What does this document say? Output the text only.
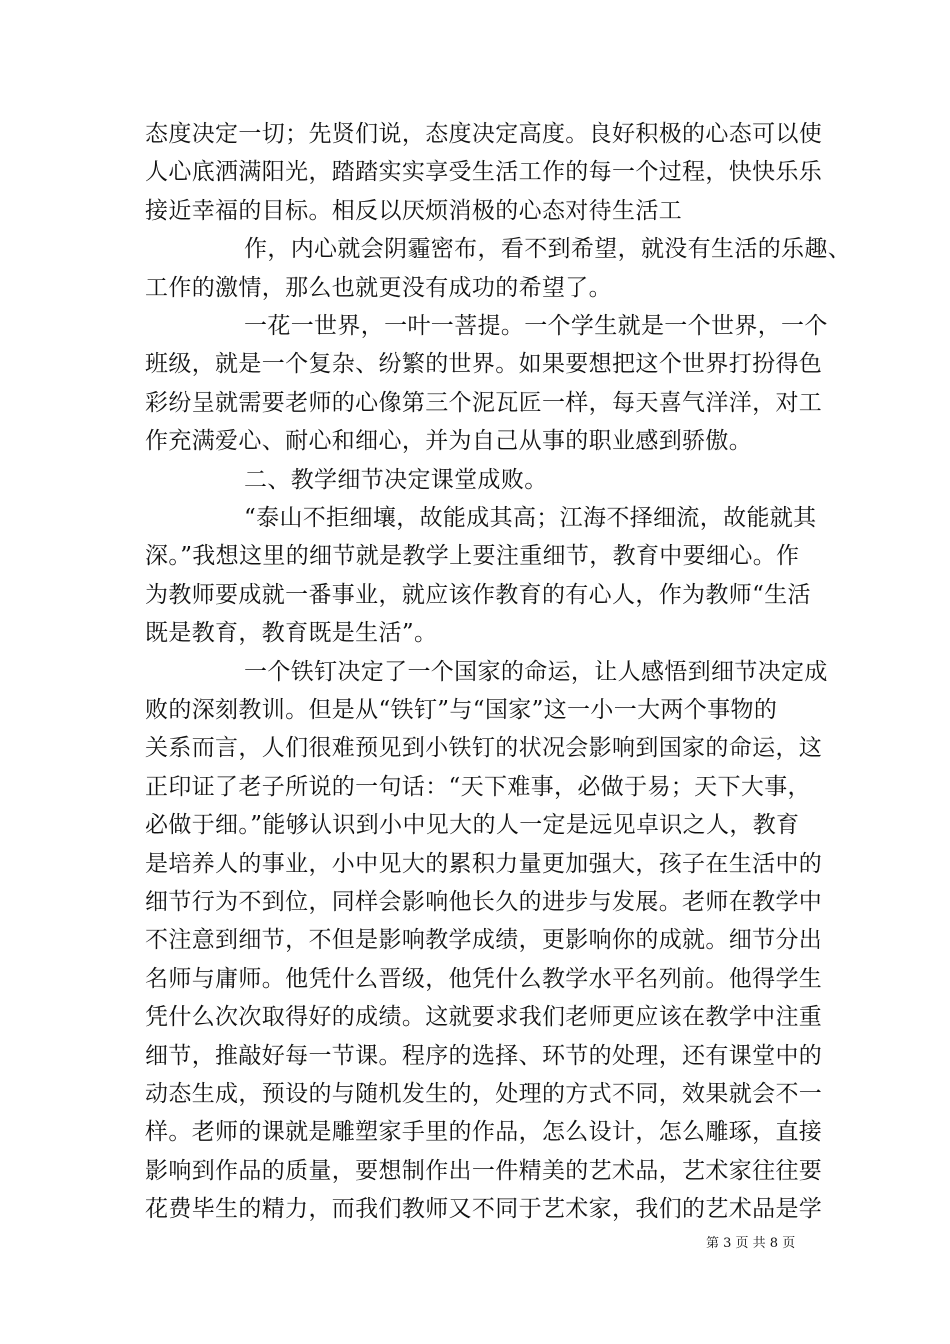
态度决定一切；先贤们说，态度决定高度。良好积极的心态可以使
人心底洒满阳光，踏踏实实享受生活工作的每一个过程，快快乐乐
接近幸福的目标。相反以厌烦消极的心态对待生活工
作，内心就会阴霾密布，看不到希望，就没有生活的乐趣、
工作的激情，那么也就更没有成功的希望了。
一花一世界，一叶一菩提。一个学生就是一个世界，一个
班级，就是一个复杂、纷繁的世界。如果要想把这个世界打扮得色
彩纷呈就需要老师的心像第三个泥瓦匠一样，每天喜气洋洋，对工
作充满爱心、耐心和细心，并为自己从事的职业感到骄傲。
二、教学细节决定课堂成败。
“泰山不拒细壤，故能成其高；江海不择细流，故能就其
深。”我想这里的细节就是教学上要注重细节，教育中要细心。作
为教师要成就一番事业，就应该作教育的有心人，作为教师“生活
既是教育，教育既是生活”。
一个铁钉决定了一个国家的命运，让人感悟到细节决定成
败的深刻教训。但是从“铁钉”与“国家”这一小一大两个事物的
关系而言，人们很难预见到小铁钉的状况会影响到国家的命运，这
正印证了老子所说的一句话：“天下难事，必做于易；天下大事，
必做于细。”能够认识到小中见大的人一定是远见卓识之人，教育
是培养人的事业，小中见大的累积力量更加强大，孩子在生活中的
细节行为不到位，同样会影响他长久的进步与发展。老师在教学中
不注意到细节，不但是影响教学成绩，更影响你的成就。细节分出
名师与庸师。他凭什么晋级，他凭什么教学水平名列前。他得学生
凭什么次次取得好的成绩。这就要求我们老师更应该在教学中注重
细节，推敲好每一节课。程序的选择、环节的处理，还有课堂中的
动态生成，预设的与随机发生的，处理的方式不同，效果就会不一
样。老师的课就是雕塑家手里的作品，怎么设计，怎么雕琢，直接
影响到作品的质量，要想制作出一件精美的艺术品，艺术家往往要
花费毕生的精力，而我们教师又不同于艺术家，我们的艺术品是学
第 3 页 共 8 页
